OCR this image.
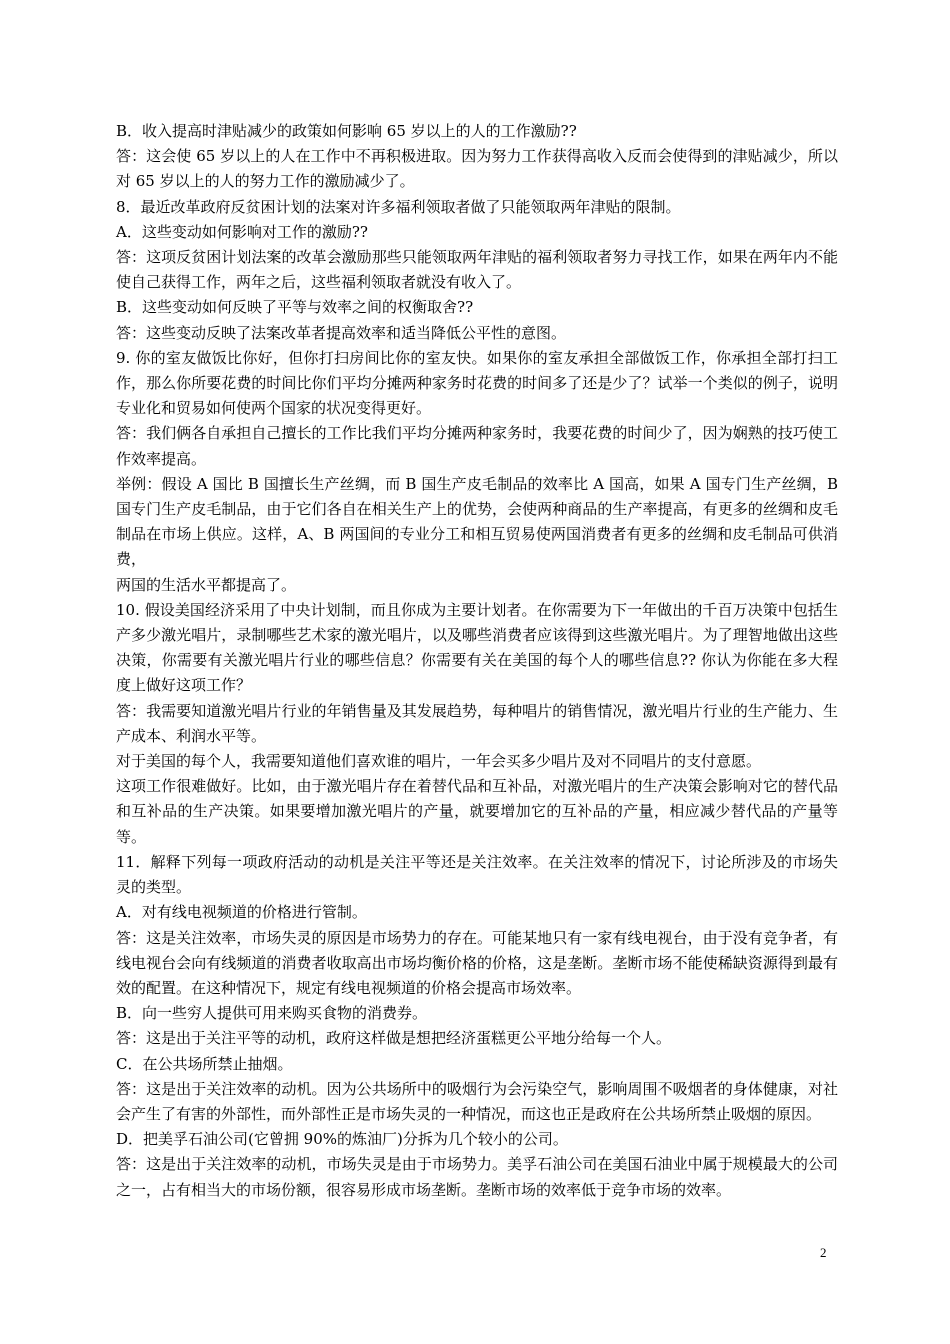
B．收入提高时津贴减少的政策如何影响 65 岁以上的人的工作激励??

答：这会使 65 岁以上的人在工作中不再积极进取。因为努力工作获得高收入反而会使得到的津贴减少，所以对 65 岁以上的人的努力工作的激励减少了。

8．最近改革政府反贫困计划的法案对许多福利领取者做了只能领取两年津贴的限制。

A．这些变动如何影响对工作的激励??

答：这项反贫困计划法案的改革会激励那些只能领取两年津贴的福利领取者努力寻找工作，如果在两年内不能使自己获得工作，两年之后，这些福利领取者就没有收入了。

B．这些变动如何反映了平等与效率之间的权衡取舍??

答：这些变动反映了法案改革者提高效率和适当降低公平性的意图。

9. 你的室友做饭比你好，但你打扫房间比你的室友快。如果你的室友承担全部做饭工作，你承担全部打扫工作，那么你所要花费的时间比你们平均分摊两种家务时花费的时间多了还是少了？试举一个类似的例子，说明专业化和贸易如何使两个国家的状况变得更好。

答：我们俩各自承担自己擅长的工作比我们平均分摊两种家务时，我要花费的时间少了，因为娴熟的技巧使工作效率提高。

举例：假设 A 国比 B 国擅长生产丝绸，而 B 国生产皮毛制品的效率比 A 国高，如果 A 国专门生产丝绸，B 国专门生产皮毛制品，由于它们各自在相关生产上的优势，会使两种商品的生产率提高，有更多的丝绸和皮毛制品在市场上供应。这样，A、B 两国间的专业分工和相互贸易使两国消费者有更多的丝绸和皮毛制品可供消费，

两国的生活水平都提高了。

10. 假设美国经济采用了中央计划制，而且你成为主要计划者。在你需要为下一年做出的千百万决策中包括生产多少激光唱片，录制哪些艺术家的激光唱片，以及哪些消费者应该得到这些激光唱片。为了理智地做出这些决策，你需要有关激光唱片行业的哪些信息？你需要有关在美国的每个人的哪些信息?? 你认为你能在多大程度上做好这项工作？

答：我需要知道激光唱片行业的年销售量及其发展趋势，每种唱片的销售情况，激光唱片行业的生产能力、生产成本、利润水平等。

对于美国的每个人，我需要知道他们喜欢谁的唱片，一年会买多少唱片及对不同唱片的支付意愿。

这项工作很难做好。比如，由于激光唱片存在着替代品和互补品，对激光唱片的生产决策会影响对它的替代品和互补品的生产决策。如果要增加激光唱片的产量，就要增加它的互补品的产量，相应减少替代品的产量等等。

11．解释下列每一项政府活动的动机是关注平等还是关注效率。在关注效率的情况下，讨论所涉及的市场失灵的类型。

A．对有线电视频道的价格进行管制。

答：这是关注效率，市场失灵的原因是市场势力的存在。可能某地只有一家有线电视台，由于没有竞争者，有线电视台会向有线频道的消费者收取高出市场均衡价格的价格，这是垄断。垄断市场不能使稀缺资源得到最有效的配置。在这种情况下，规定有线电视频道的价格会提高市场效率。

B．向一些穷人提供可用来购买食物的消费券。

答：这是出于关注平等的动机，政府这样做是想把经济蛋糕更公平地分给每一个人。

C．在公共场所禁止抽烟。

答：这是出于关注效率的动机。因为公共场所中的吸烟行为会污染空气，影响周围不吸烟者的身体健康，对社会产生了有害的外部性，而外部性正是市场失灵的一种情况，而这也正是政府在公共场所禁止吸烟的原因。

D．把美孚石油公司(它曾拥 90%的炼油厂)分拆为几个较小的公司。

答：这是出于关注效率的动机，市场失灵是由于市场势力。美孚石油公司在美国石油业中属于规模最大的公司之一，占有相当大的市场份额，很容易形成市场垄断。垄断市场的效率低于竞争市场的效率。

2
